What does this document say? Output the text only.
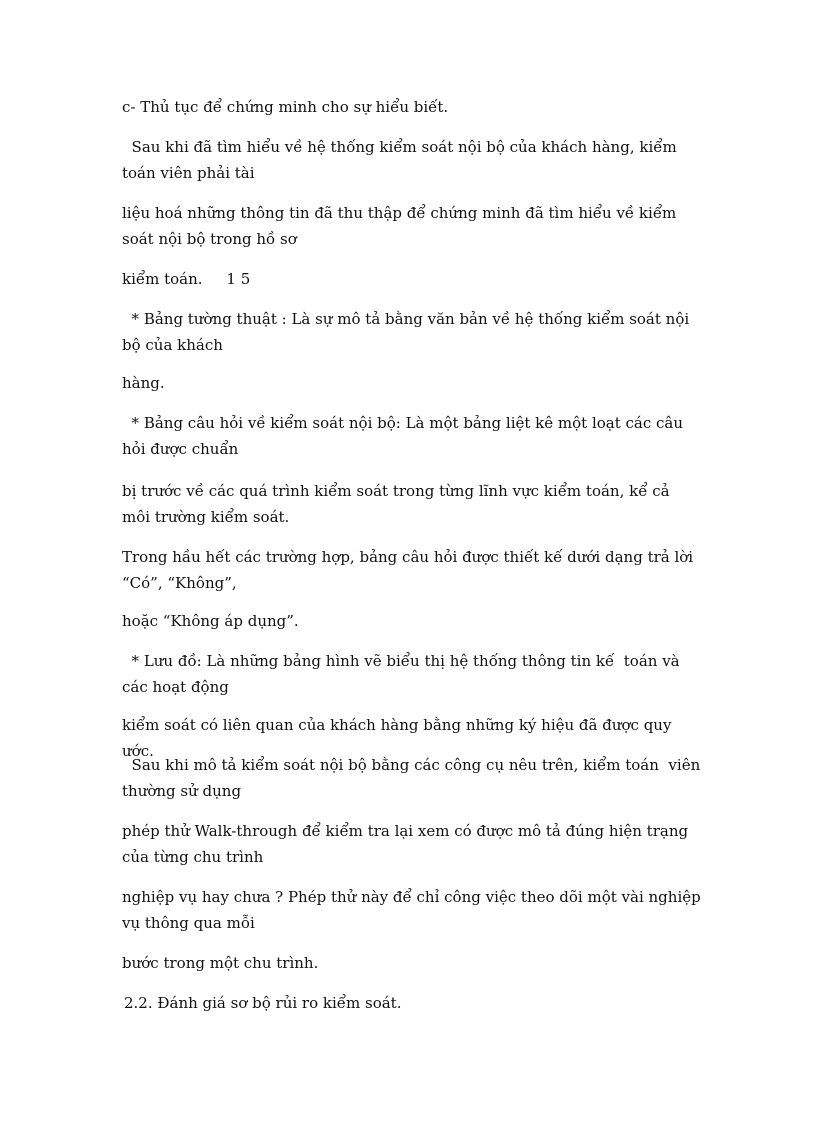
c- Thủ tục để chứng minh cho sự hiểu biết.

Sau khi đã tìm hiểu về hệ thống kiểm soát nội bộ của khách hàng, kiểm toán viên phải tài

liệu hoá những thông tin đã thu thập để chứng minh đã tìm hiểu về kiểm soát nội bộ trong hồ sơ

kiểm toán.     1 5

* Bảng tường thuật : Là sự mô tả bằng văn bản về hệ thống kiểm soát nội bộ của khách

hàng.

* Bảng câu hỏi về kiểm soát nội bộ: Là một bảng liệt kê một loạt các câu hỏi được chuẩn

bị trước về các quá trình kiểm soát trong từng lĩnh vực kiểm toán, kể cả môi trường kiểm soát.

Trong hầu hết các trường hợp, bảng câu hỏi được thiết kế dưới dạng trả lời “Có”, “Không”,

hoặc “Không áp dụng”.

* Lưu đồ: Là những bảng hình vẽ biểu thị hệ thống thông tin kế  toán và các hoạt động

kiểm soát có liên quan của khách hàng bằng những ký hiệu đã được quy ước.

Sau khi mô tả kiểm soát nội bộ bằng các công cụ nêu trên, kiểm toán  viên thường sử dụng

phép thử Walk-through để kiểm tra lại xem có được mô tả đúng hiện trạng của từng chu trình

nghiệp vụ hay chưa ? Phép thử này để chỉ công việc theo dõi một vài nghiệp vụ thông qua mỗi

bước trong một chu trình.

2.2. Đánh giá sơ bộ rủi ro kiểm soát.
